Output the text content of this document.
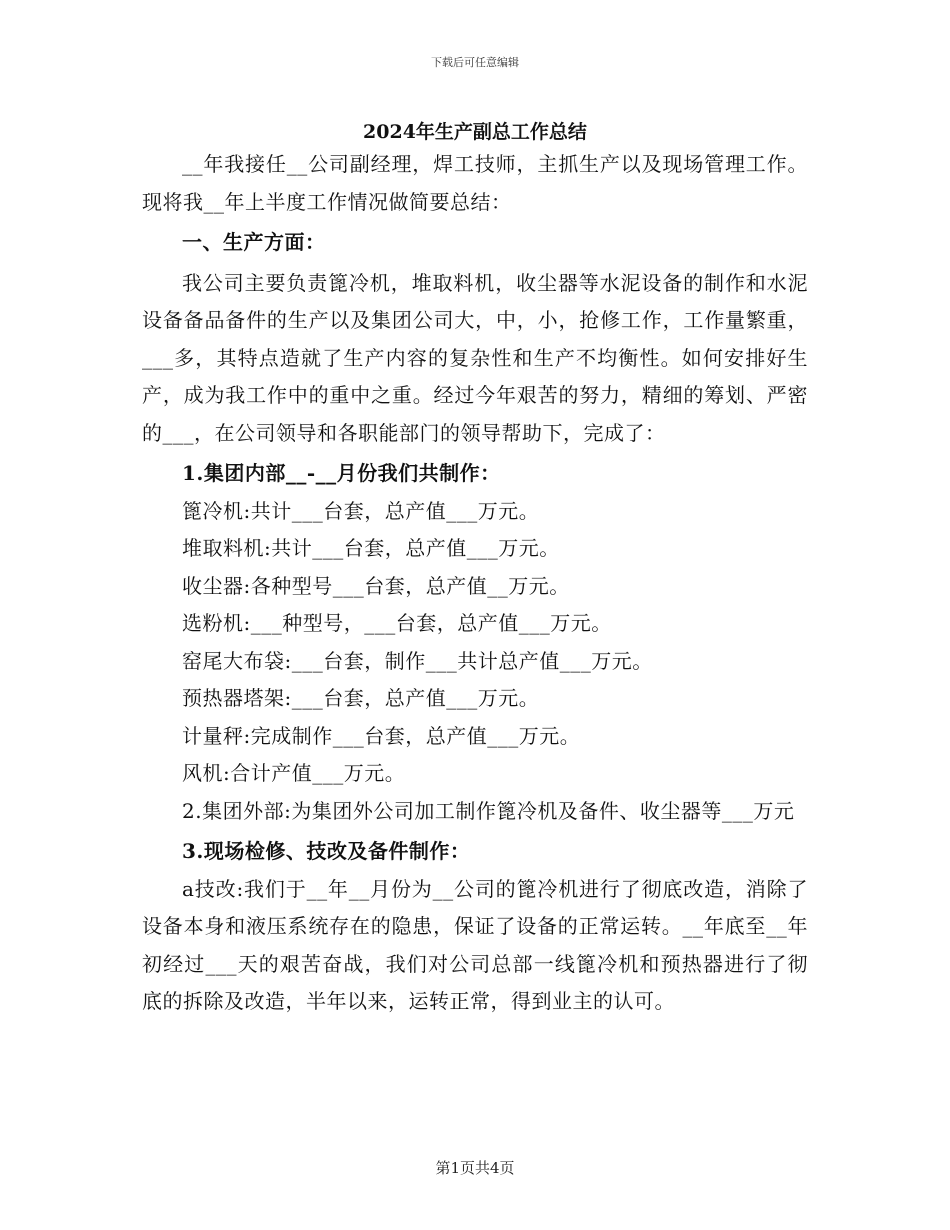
下载后可任意编辑
2024年生产副总工作总结

__年我接任__公司副经理，焊工技师，主抓生产以及现场管理工作。现将我__年上半度工作情况做简要总结：

一、生产方面：

我公司主要负责篦冷机，堆取料机，收尘器等水泥设备的制作和水泥设备备品备件的生产以及集团公司大，中，小，抢修工作，工作量繁重，___多，其特点造就了生产内容的复杂性和生产不均衡性。如何安排好生产，成为我工作中的重中之重。经过今年艰苦的努力，精细的筹划、严密的___，在公司领导和各职能部门的领导帮助下，完成了：

1.集团内部__-__月份我们共制作：

篦冷机:共计___台套，总产值___万元。

堆取料机:共计___台套，总产值___万元。

收尘器:各种型号___台套，总产值__万元。

选粉机:___种型号，___台套，总产值___万元。

窑尾大布袋:___台套，制作___共计总产值___万元。

预热器塔架:___台套，总产值___万元。

计量秤:完成制作___台套，总产值___万元。

风机:合计产值___万元。

2.集团外部:为集团外公司加工制作篦冷机及备件、收尘器等___万元

3.现场检修、技改及备件制作：

a技改:我们于__年__月份为__公司的篦冷机进行了彻底改造，消除了设备本身和液压系统存在的隐患，保证了设备的正常运转。__年底至__年初经过___天的艰苦奋战，我们对公司总部一线篦冷机和预热器进行了彻底的拆除及改造，半年以来，运转正常，得到业主的认可。

第1页共4页
